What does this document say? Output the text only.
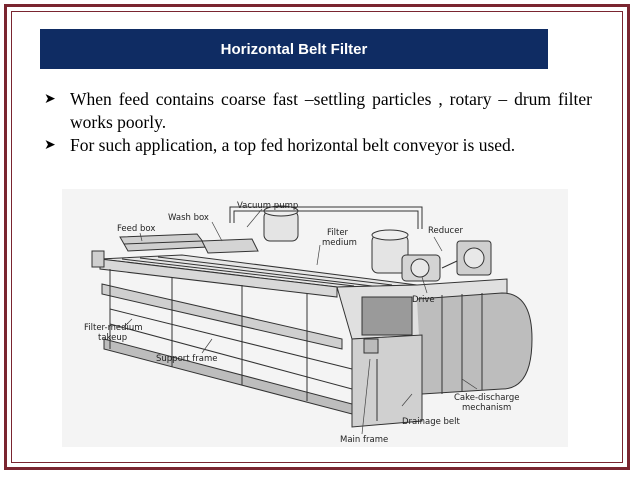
Horizontal Belt Filter
➤ When feed contains coarse fast –settling particles , rotary – drum filter works poorly.
➤ For such application, a top fed horizontal belt conveyor is used.
Vacuum pump
Wash box
Feed box	Filter
medium
Reducer
Drive
Filter-medium
takeup
Support frame
Cake-discharge
mechanism
Drainage belt
Main frame
